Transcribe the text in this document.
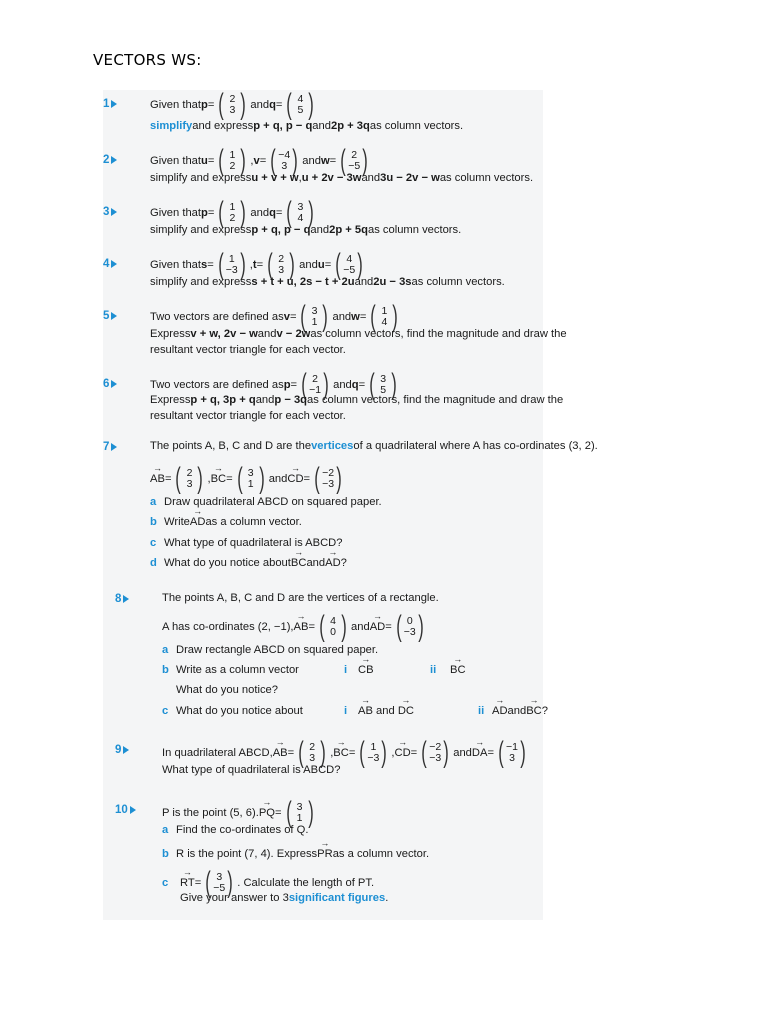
VECTORS WS:
1	Given that p = ( 2
3 ) and q = ( 4
5 )
simplify and express p + q, p − q and 2p + 3q as column vectors.
2	Given that u = ( 1
2 ) , v = ( −4
3 ) and w = ( 2
−5 )
simplify and express u + v + w , u + 2v − 3w and 3u − 2v − w as column vectors.
3	Given that p = ( 1
2 ) and q = ( 3
4 )
simplify and express p + q, p − q and 2p + 5q as column vectors.
4	Given that s = ( 1
−3 ) , t = ( 2
3 ) and u = ( 4
−5 )
simplify and express s + t + u, 2s − t + 2u and 2u − 3s as column vectors.
5	Two vectors are defined as v = ( 3
1 ) and w = ( 1
4 )
Express v + w, 2v − w and v − 2w as column vectors, find the magnitude and draw the
resultant vector triangle for each vector.
6	Two vectors are defined as p = ( 2
−1 ) and q = ( 3
5 )
Express p + q, 3p + q and p − 3q as column vectors, find the magnitude and draw the
resultant vector triangle for each vector.
7	The points A, B, C and D are the vertices of a quadrilateral where A has co-ordinates (3, 2).
→ AB = ( 2
3 ) , → BC = ( 3
1 ) and → CD = ( −2
−3 )
a Draw quadrilateral ABCD on squared paper.
b Write → AD as a column vector.
c What type of quadrilateral is ABCD?
d What do you notice about → BC and → AD ?
8	The points A, B, C and D are the vertices of a rectangle.
A has co-ordinates (2, −1), → AB = ( 4
0 ) and → AD = ( 0
−3 )
a Draw rectangle ABCD on squared paper.
b Write as a column vector	i → CB	ii	→ BC
What do you notice?
c What do you notice about	i → AB and → DC	ii → AD and → BC ?
9	In quadrilateral ABCD, → AB = ( 2
3 ) , → BC = ( 1
−3 ) , → CD = ( −2
−3 ) and → DA = ( −1
3 )
What type of quadrilateral is ABCD?
10	P is the point (5, 6). → PQ = ( 3
1 )
a Find the co-ordinates of Q.
b R is the point (7, 4). Express → PR as a column vector.
c	→ RT = ( 3
−5 ) . Calculate the length of PT.
Give your answer to 3 significant figures .
